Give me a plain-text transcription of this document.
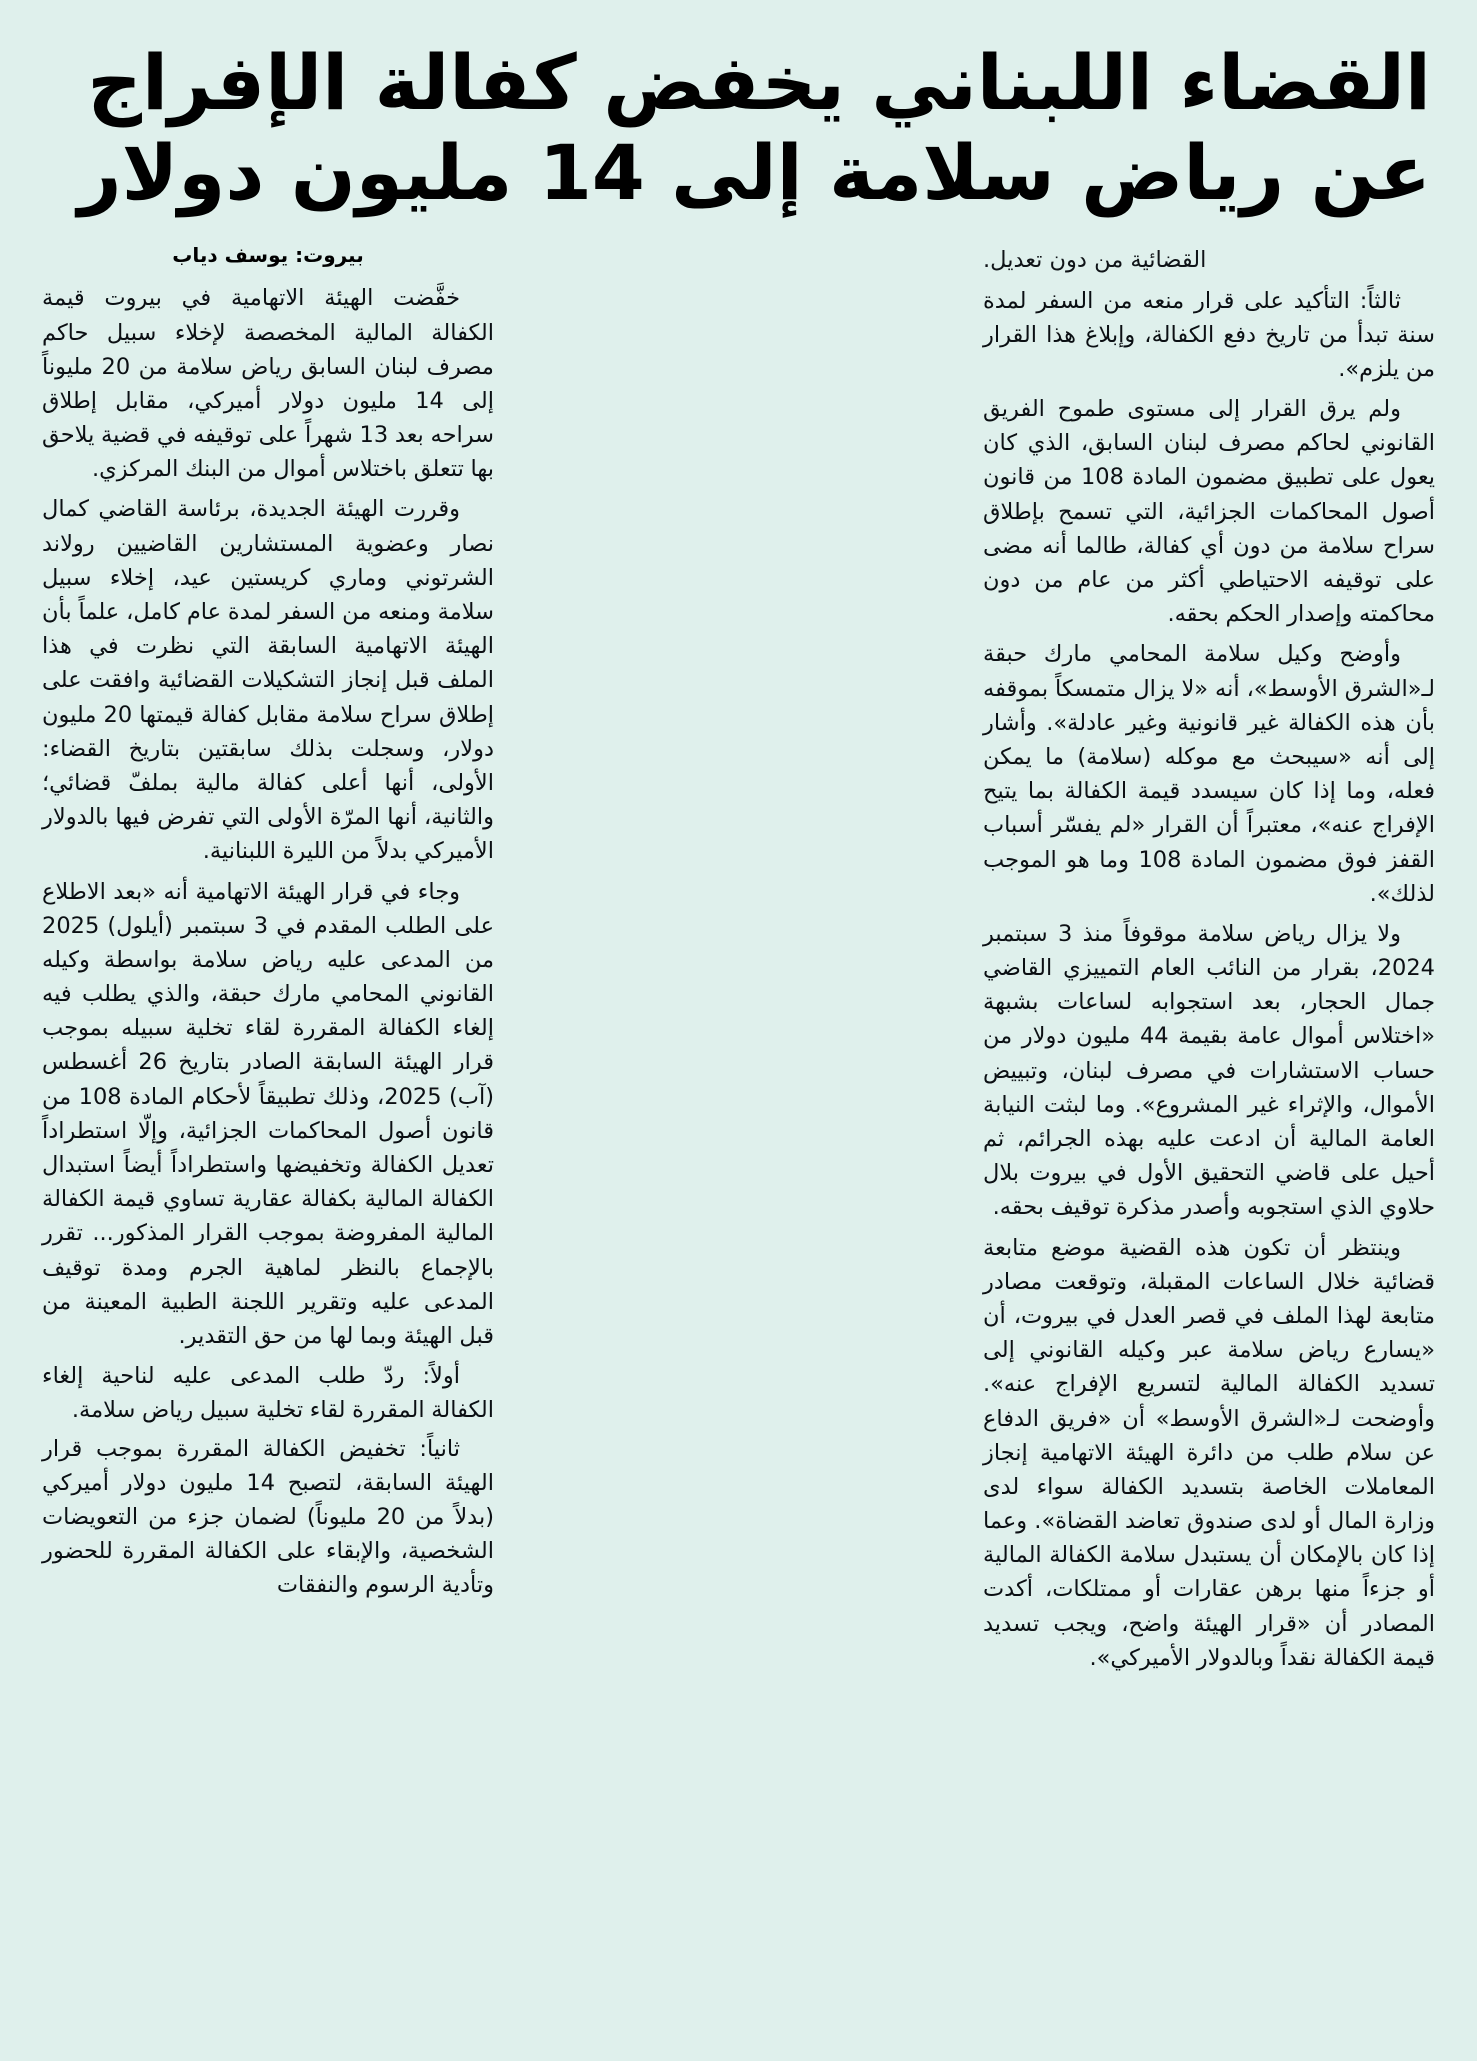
القضاء اللبناني يخفض كفالة الإفراج عن رياض سلامة إلى 14 مليون دولار
القضائية من دون تعديل.

ثالثاً: التأكيد على قرار منعه من السفر لمدة سنة تبدأ من تاريخ دفع الكفالة، وإبلاغ هذا القرار من يلزم».

ولم يرق القرار إلى مستوى طموح الفريق القانوني لحاكم مصرف لبنان السابق، الذي كان يعول على تطبيق مضمون المادة 108 من قانون أصول المحاكمات الجزائية، التي تسمح بإطلاق سراح سلامة من دون أي كفالة، طالما أنه مضى على توقيفه الاحتياطي أكثر من عام من دون محاكمته وإصدار الحكم بحقه.

وأوضح وكيل سلامة المحامي مارك حبقة لـ«الشرق الأوسط»، أنه «لا يزال متمسكاً بموقفه بأن هذه الكفالة غير قانونية وغير عادلة». وأشار إلى أنه «سيبحث مع موكله (سلامة) ما يمكن فعله، وما إذا كان سيسدد قيمة الكفالة بما يتيح الإفراج عنه»، معتبراً أن القرار «لم يفسّر أسباب القفز فوق مضمون المادة 108 وما هو الموجب لذلك».

ولا يزال رياض سلامة موقوفاً منذ 3 سبتمبر 2024، بقرار من النائب العام التمييزي القاضي جمال الحجار، بعد استجوابه لساعات بشبهة «اختلاس أموال عامة بقيمة 44 مليون دولار من حساب الاستشارات في مصرف لبنان، وتبييض الأموال، والإثراء غير المشروع». وما لبثت النيابة العامة المالية أن ادعت عليه بهذه الجرائم، ثم أحيل على قاضي التحقيق الأول في بيروت بلال حلاوي الذي استجوبه وأصدر مذكرة توقيف بحقه.

وينتظر أن تكون هذه القضية موضع متابعة قضائية خلال الساعات المقبلة، وتوقعت مصادر متابعة لهذا الملف في قصر العدل في بيروت، أن «يسارع رياض سلامة عبر وكيله القانوني إلى تسديد الكفالة المالية لتسريع الإفراج عنه». وأوضحت لـ«الشرق الأوسط» أن «فريق الدفاع عن سلام طلب من دائرة الهيئة الاتهامية إنجاز المعاملات الخاصة بتسديد الكفالة سواء لدى وزارة المال أو لدى صندوق تعاضد القضاة». وعما إذا كان بالإمكان أن يستبدل سلامة الكفالة المالية أو جزءاً منها برهن عقارات أو ممتلكات، أكدت المصادر أن «قرار الهيئة واضح، ويجب تسديد قيمة الكفالة نقداً وبالدولار الأميركي».

بيروت: يوسف دياب

خفَّضت الهيئة الاتهامية في بيروت قيمة الكفالة المالية المخصصة لإخلاء سبيل حاكم مصرف لبنان السابق رياض سلامة من 20 مليوناً إلى 14 مليون دولار أميركي، مقابل إطلاق سراحه بعد 13 شهراً على توقيفه في قضية يلاحق بها تتعلق باختلاس أموال من البنك المركزي.

وقررت الهيئة الجديدة، برئاسة القاضي كمال نصار وعضوية المستشارين القاضيين رولاند الشرتوني وماري كريستين عيد، إخلاء سبيل سلامة ومنعه من السفر لمدة عام كامل، علماً بأن الهيئة الاتهامية السابقة التي نظرت في هذا الملف قبل إنجاز التشكيلات القضائية وافقت على إطلاق سراح سلامة مقابل كفالة قيمتها 20 مليون دولار، وسجلت بذلك سابقتين بتاريخ القضاء: الأولى، أنها أعلى كفالة مالية بملفّ قضائي؛ والثانية، أنها المرّة الأولى التي تفرض فيها بالدولار الأميركي بدلاً من الليرة اللبنانية.

وجاء في قرار الهيئة الاتهامية أنه «بعد الاطلاع على الطلب المقدم في 3 سبتمبر (أيلول) 2025 من المدعى عليه رياض سلامة بواسطة وكيله القانوني المحامي مارك حبقة، والذي يطلب فيه إلغاء الكفالة المقررة لقاء تخلية سبيله بموجب قرار الهيئة السابقة الصادر بتاريخ 26 أغسطس (آب) 2025، وذلك تطبيقاً لأحكام المادة 108 من قانون أصول المحاكمات الجزائية، وإلّا استطراداً تعديل الكفالة وتخفيضها واستطراداً أيضاً استبدال الكفالة المالية بكفالة عقارية تساوي قيمة الكفالة المالية المفروضة بموجب القرار المذكور... تقرر بالإجماع بالنظر لماهية الجرم ومدة توقيف المدعى عليه وتقرير اللجنة الطبية المعينة من قبل الهيئة وبما لها من حق التقدير.

أولاً: ردّ طلب المدعى عليه لناحية إلغاء الكفالة المقررة لقاء تخلية سبيل رياض سلامة.

ثانياً: تخفيض الكفالة المقررة بموجب قرار الهيئة السابقة، لتصبح 14 مليون دولار أميركي (بدلاً من 20 مليوناً) لضمان جزء من التعويضات الشخصية، والإبقاء على الكفالة المقررة للحضور وتأدية الرسوم والنفقات
